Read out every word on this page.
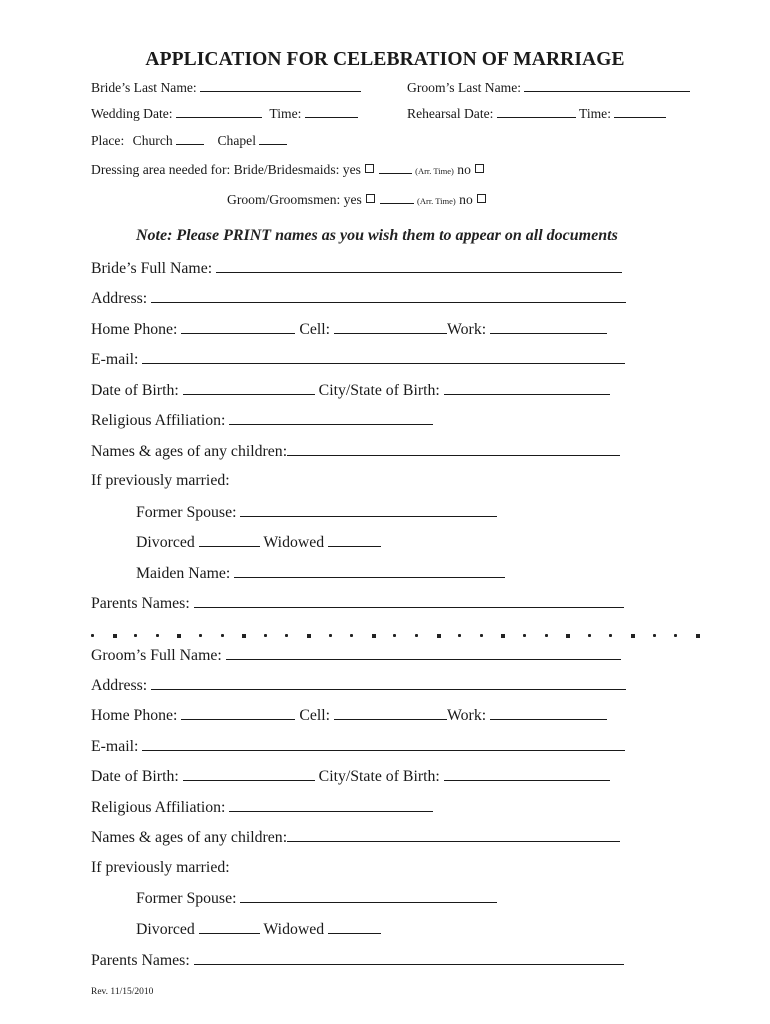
APPLICATION FOR CELEBRATION OF MARRIAGE
Bride’s Last Name:	Groom’s Last Name:
Wedding Date:	Time:	Rehearsal Date:	Time:
Place: Church	Chapel
Dressing area needed for: Bride/Bridesmaids: yes	(Arr. Time) no
Groom/Groomsmen: yes	(Arr. Time) no
Note: Please PRINT names as you wish them to appear on all documents
Bride’s Full Name:
Address:
Home Phone:	Cell:	Work:
E-mail:
Date of Birth:	City/State of Birth:
Religious Affiliation:
Names & ages of any children:
If previously married:
Former Spouse:
Divorced	Widowed
Maiden Name:
Parents Names:
Groom’s Full Name:
Address:
Home Phone:	Cell:	Work:
E-mail:
Date of Birth:	City/State of Birth:
Religious Affiliation:
Names & ages of any children:
If previously married:
Former Spouse:
Divorced	Widowed
Parents Names:
Rev. 11/15/2010
